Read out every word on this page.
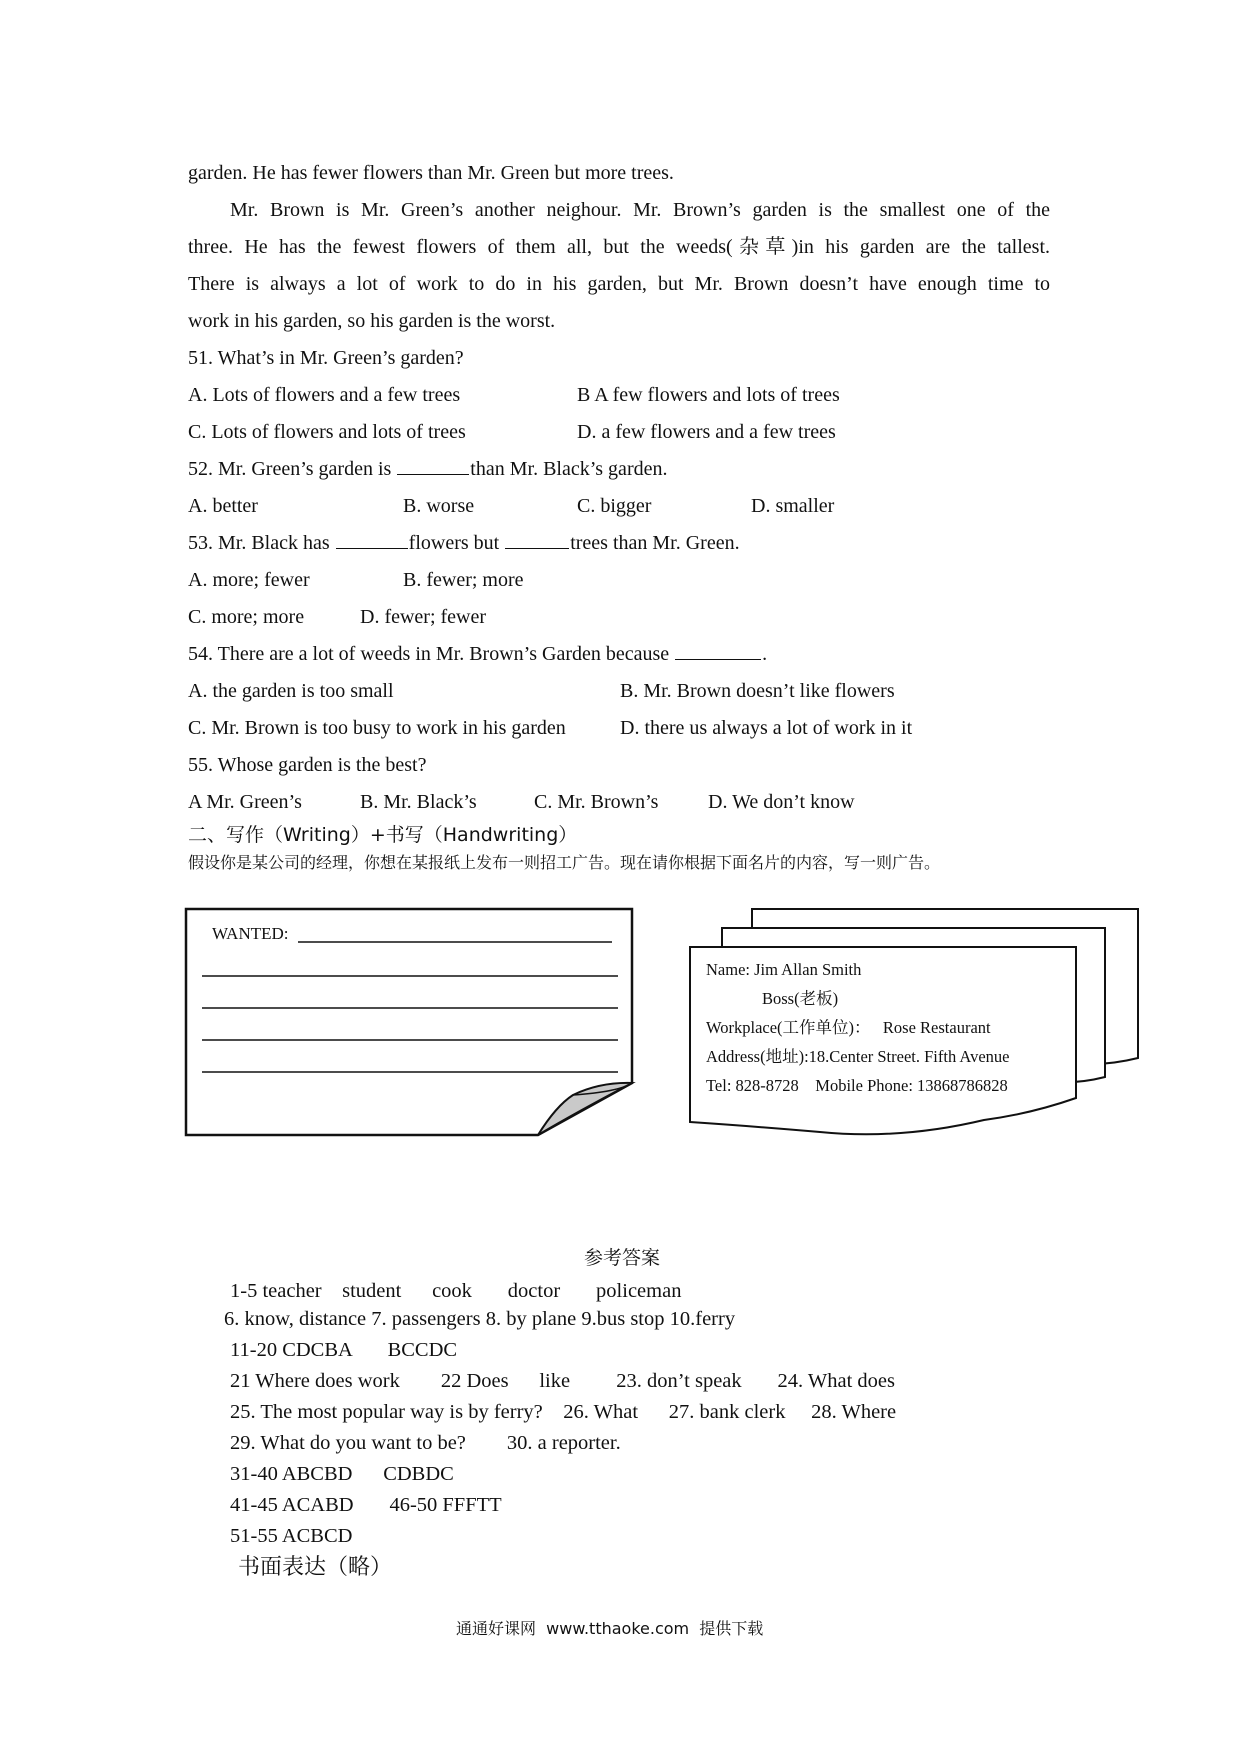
garden. He has fewer flowers than Mr. Green but more trees.
Mr. Brown is Mr. Green’s another neighour. Mr. Brown’s garden is the smallest one of the
three. He has the fewest flowers of them all, but the weeds(杂草)in his garden are the tallest.
There is always a lot of work to do in his garden, but Mr. Brown doesn’t have enough time to
work in his garden, so his garden is the worst.
51. What’s in Mr. Green’s garden?
A. Lots of flowers and a few trees	B A few flowers and lots of trees
C. Lots of flowers and lots of trees	D. a few flowers and a few trees
52. Mr. Green’s garden is	than Mr. Black’s garden.
A. better	B. worse	C. bigger	D. smaller
53. Mr. Black has	flowers but	trees than Mr. Green.
A. more; fewer	B. fewer; more
C. more; more	D. fewer; fewer
54. There are a lot of weeds in Mr. Brown’s Garden because	.
A. the garden is too small	B. Mr. Brown doesn’t like flowers
C. Mr. Brown is too busy to work in his garden	D. there us always a lot of work in it
55. Whose garden is the best?
A Mr. Green’s	B. Mr. Black’s	C. Mr. Brown’s D. We don’t know
二、写作（Writing）+书写（Handwriting）
假设你是某公司的经理，你想在某报纸上发布一则招工广告。现在请你根据下面名片的内容，写一则广告。
WANTED:
Name: Jim Allan Smith
Boss(老板)
Workplace(工作单位)：   Rose Restaurant
Address(地址):18.Center Street. Fifth Avenue
Tel: 828-8728    Mobile Phone: 13868786828
参考答案
1-5 teacher    student      cook       doctor       policeman
6. know, distance 7. passengers 8. by plane 9.bus stop 10.ferry
11-20 CDCBA       BCCDC
21 Where does work        22 Does      like         23. don’t speak       24. What does
25. The most popular way is by ferry?    26. What      27. bank clerk     28. Where
29. What do you want to be?        30. a reporter.
31-40 ABCBD      CDBDC
41-45 ACABD       46-50 FFFTT
51-55 ACBCD
书面表达（略）
通通好课网  www.tthaoke.com  提供下载
